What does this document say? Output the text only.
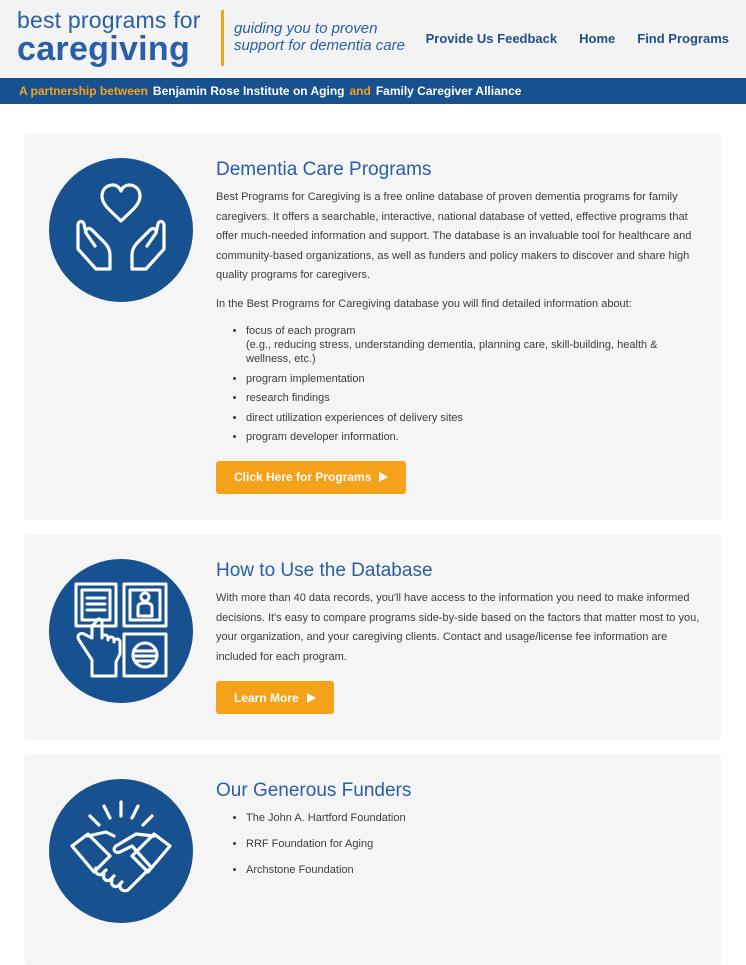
best programs for
caregiving
guiding you to proven
support for dementia care Provide Us Feedback Home Find Programs
A partnership between Benjamin Rose Institute on Aging and Family Caregiver Alliance
Dementia Care Programs

Best Programs for Caregiving is a free online database of proven dementia programs for family caregivers. It offers a searchable, interactive, national database of vetted, effective programs that offer much-needed information and support. The database is an invaluable tool for healthcare and community-based organizations, as well as funders and policy makers to discover and share high quality programs for caregivers.

In the Best Programs for Caregiving database you will find detailed information about:

• focus of each program
(e.g., reducing stress, understanding dementia, planning care, skill-building, health & wellness, etc.)
• program implementation
• research findings
• direct utilization experiences of delivery sites
• program developer information.
Click Here for Programs
How to Use the Database

With more than 40 data records, you'll have access to the information you need to make informed decisions. It's easy to compare programs side-by-side based on the factors that matter most to you, your organization, and your caregiving clients. Contact and usage/license fee information are included for each program.

Learn More
Our Generous Funders
• The John A. Hartford Foundation
• RRF Foundation for Aging
• Archstone Foundation
